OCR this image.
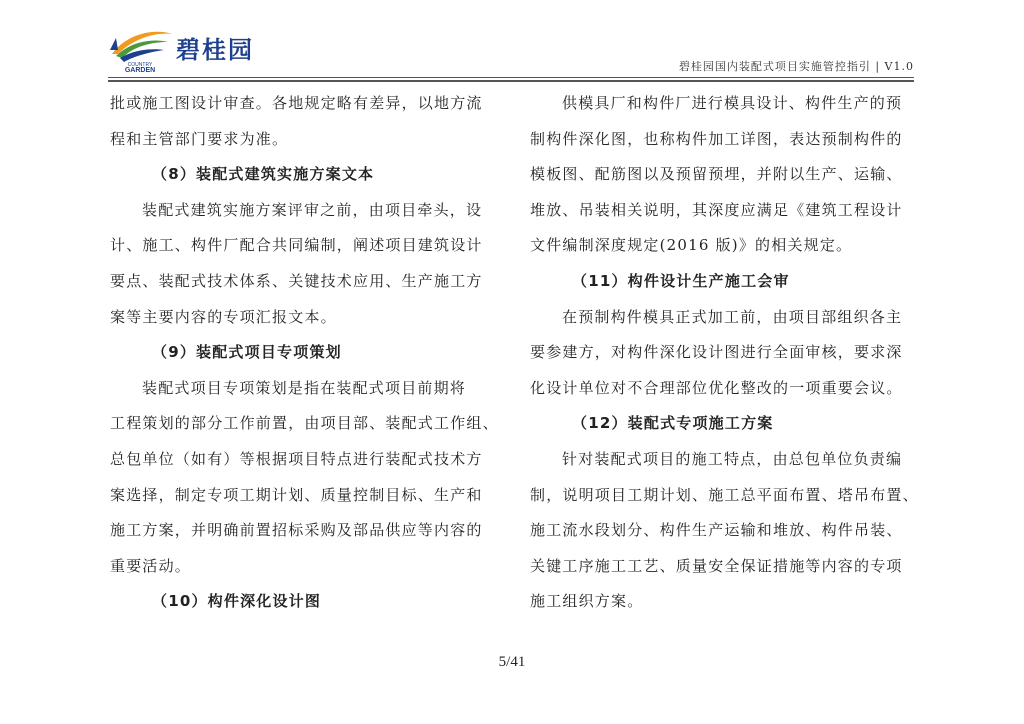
COUNTRY
GARDEN
碧桂园
碧桂园国内装配式项目实施管控指引 | V1.0
批或施工图设计审查。各地规定略有差异，以地方流
程和主管部门要求为准。
（8）装配式建筑实施方案文本
装配式建筑实施方案评审之前，由项目牵头，设
计、施工、构件厂配合共同编制，阐述项目建筑设计
要点、装配式技术体系、关键技术应用、生产施工方
案等主要内容的专项汇报文本。
（9）装配式项目专项策划
装配式项目专项策划是指在装配式项目前期将
工程策划的部分工作前置，由项目部、装配式工作组、
总包单位（如有）等根据项目特点进行装配式技术方
案选择，制定专项工期计划、质量控制目标、生产和
施工方案，并明确前置招标采购及部品供应等内容的
重要活动。
（10）构件深化设计图
供模具厂和构件厂进行模具设计、构件生产的预
制构件深化图，也称构件加工详图，表达预制构件的
模板图、配筋图以及预留预埋，并附以生产、运输、
堆放、吊装相关说明，其深度应满足《建筑工程设计
文件编制深度规定(2016 版)》的相关规定。
（11）构件设计生产施工会审
在预制构件模具正式加工前，由项目部组织各主
要参建方，对构件深化设计图进行全面审核，要求深
化设计单位对不合理部位优化整改的一项重要会议。
（12）装配式专项施工方案
针对装配式项目的施工特点，由总包单位负责编
制，说明项目工期计划、施工总平面布置、塔吊布置、
施工流水段划分、构件生产运输和堆放、构件吊装、
关键工序施工工艺、质量安全保证措施等内容的专项
施工组织方案。
5/41
